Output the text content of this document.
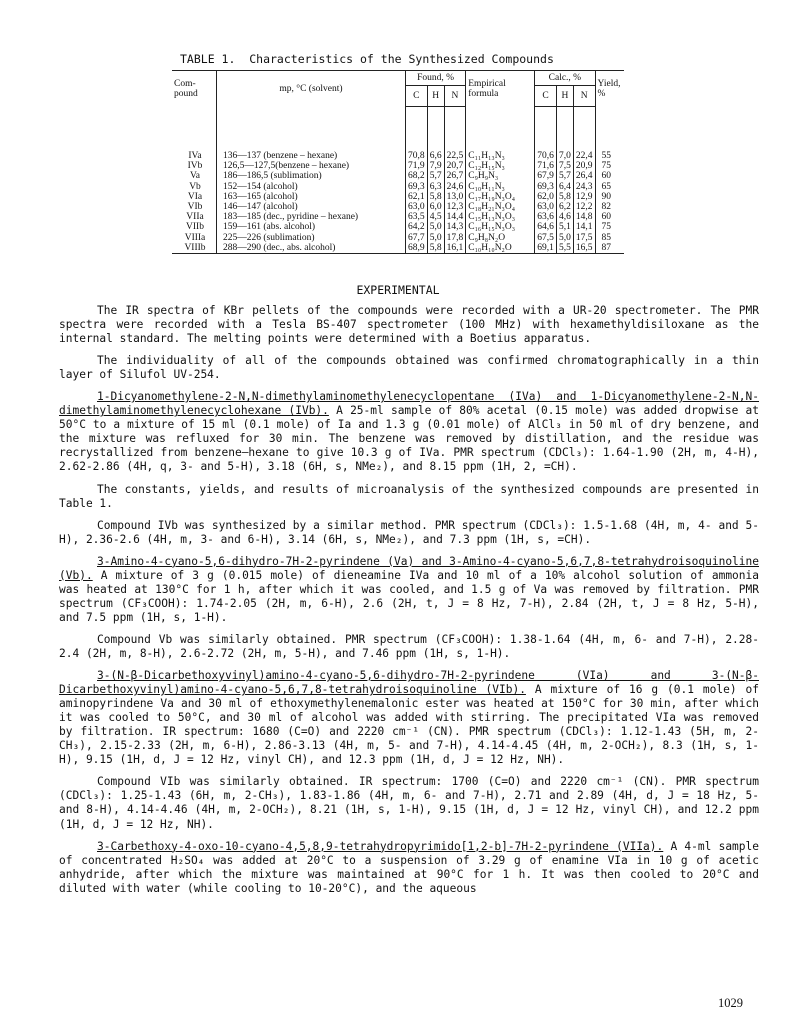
TABLE 1.  Characteristics of the Synthesized Compounds
Com- pound	mp, °C (solvent)	Found, %			Empirical formula	Calc., %			Yield, %
		C	H	N		C	H	N	
IVa	136—137 (benzene – hexane)	70,8	6,6	22,5	C₁₁H₁₃N₃	70,6	7,0	22,4	55
IVb	126,5—127,5(benzene – hexane)	71,9	7,9	20,7	C₁₂H₁₅N₃	71,6	7,5	20,9	75
Va	186—186,5 (sublimation)	68,2	5,7	26,7	C₉H₉N₃	67,9	5,7	26,4	60
Vb	152—154 (alcohol)	69,3	6,3	24,6	C₁₀H₁₁N₃	69,3	6,4	24,3	65
VIa	163—165 (alcohol)	62,1	5,8	13,0	C₁₇H₁₉N₃O₄	62,0	5,8	12,9	90
VIb	146—147 (alcohol)	63,0	6,0	12,3	C₁₈H₂₁N₃O₄	63,0	6,2	12,2	82
VIIa	183—185 (dec., pyridine – hexane)	63,5	4,5	14,4	C₁₅H₁₃N₃O₃	63,6	4,6	14,8	60
VIIb	159—161 (abs. alcohol)	64,2	5,0	14,3	C₁₆H₁₅N₃O₃	64,6	5,1	14,1	75
VIIIa	225—226 (sublimation)	67,7	5,0	17,8	C₉H₈N₂O	67,5	5,0	17,5	85
VIIIb	288—290 (dec., abs. alcohol)	68,9	5,8	16,1	C₁₀H₁₀N₂O	69,1	5,5	16,5	87
EXPERIMENTAL

The IR spectra of KBr pellets of the compounds were recorded with a UR-20 spectrometer. The PMR spectra were recorded with a Tesla BS-407 spectrometer (100 MHz) with hexamethyldisiloxane as the internal standard. The melting points were determined with a Boetius apparatus.

The individuality of all of the compounds obtained was confirmed chromatographically in a thin layer of Silufol UV-254.

1-Dicyanomethylene-2-N,N-dimethylaminomethylenecyclopentane (IVa) and 1-Dicyanomethylene-2-N,N-dimethylaminomethylenecyclohexane (IVb). A 25-ml sample of 80% acetal (0.15 mole) was added dropwise at 50°C to a mixture of 15 ml (0.1 mole) of Ia and 1.3 g (0.01 mole) of AlCl₃ in 50 ml of dry benzene, and the mixture was refluxed for 30 min. The benzene was removed by distillation, and the residue was recrystallized from benzene–hexane to give 10.3 g of IVa. PMR spectrum (CDCl₃): 1.64-1.90 (2H, m, 4-H), 2.62-2.86 (4H, q, 3- and 5-H), 3.18 (6H, s, NMe₂), and 8.15 ppm (1H, 2, =CH).

The constants, yields, and results of microanalysis of the synthesized compounds are presented in Table 1.

Compound IVb was synthesized by a similar method. PMR spectrum (CDCl₃): 1.5-1.68 (4H, m, 4- and 5-H), 2.36-2.6 (4H, m, 3- and 6-H), 3.14 (6H, s, NMe₂), and 7.3 ppm (1H, s, =CH).

3-Amino-4-cyano-5,6-dihydro-7H-2-pyrindene (Va) and 3-Amino-4-cyano-5,6,7,8-tetrahydroisoquinoline (Vb). A mixture of 3 g (0.015 mole) of dieneamine IVa and 10 ml of a 10% alcohol solution of ammonia was heated at 130°C for 1 h, after which it was cooled, and 1.5 g of Va was removed by filtration. PMR spectrum (CF₃COOH): 1.74-2.05 (2H, m, 6-H), 2.6 (2H, t, J = 8 Hz, 7-H), 2.84 (2H, t, J = 8 Hz, 5-H), and 7.5 ppm (1H, s, 1-H).

Compound Vb was similarly obtained. PMR spectrum (CF₃COOH): 1.38-1.64 (4H, m, 6- and 7-H), 2.28-2.4 (2H, m, 8-H), 2.6-2.72 (2H, m, 5-H), and 7.46 ppm (1H, s, 1-H).

3-(N-β-Dicarbethoxyvinyl)amino-4-cyano-5,6-dihydro-7H-2-pyrindene (VIa) and 3-(N-β-Dicarbethoxyvinyl)amino-4-cyano-5,6,7,8-tetrahydroisoquinoline (VIb). A mixture of 16 g (0.1 mole) of aminopyrindene Va and 30 ml of ethoxymethylenemalonic ester was heated at 150°C for 30 min, after which it was cooled to 50°C, and 30 ml of alcohol was added with stirring. The precipitated VIa was removed by filtration. IR spectrum: 1680 (C=O) and 2220 cm⁻¹ (CN). PMR spectrum (CDCl₃): 1.12-1.43 (5H, m, 2-CH₃), 2.15-2.33 (2H, m, 6-H), 2.86-3.13 (4H, m, 5- and 7-H), 4.14-4.45 (4H, m, 2-OCH₂), 8.3 (1H, s, 1-H), 9.15 (1H, d, J = 12 Hz, vinyl CH), and 12.3 ppm (1H, d, J = 12 Hz, NH).

Compound VIb was similarly obtained. IR spectrum: 1700 (C=O) and 2220 cm⁻¹ (CN). PMR spectrum (CDCl₃): 1.25-1.43 (6H, m, 2-CH₃), 1.83-1.86 (4H, m, 6- and 7-H), 2.71 and 2.89 (4H, d, J = 18 Hz, 5- and 8-H), 4.14-4.46 (4H, m, 2-OCH₂), 8.21 (1H, s, 1-H), 9.15 (1H, d, J = 12 Hz, vinyl CH), and 12.2 ppm (1H, d, J = 12 Hz, NH).

3-Carbethoxy-4-oxo-10-cyano-4,5,8,9-tetrahydropyrimido[1,2-b]-7H-2-pyrindene (VIIa). A 4-ml sample of concentrated H₂SO₄ was added at 20°C to a suspension of 3.29 g of enamine VIa in 10 g of acetic anhydride, after which the mixture was maintained at 90°C for 1 h. It was then cooled to 20°C and diluted with water (while cooling to 10-20°C), and the aqueous

1029
